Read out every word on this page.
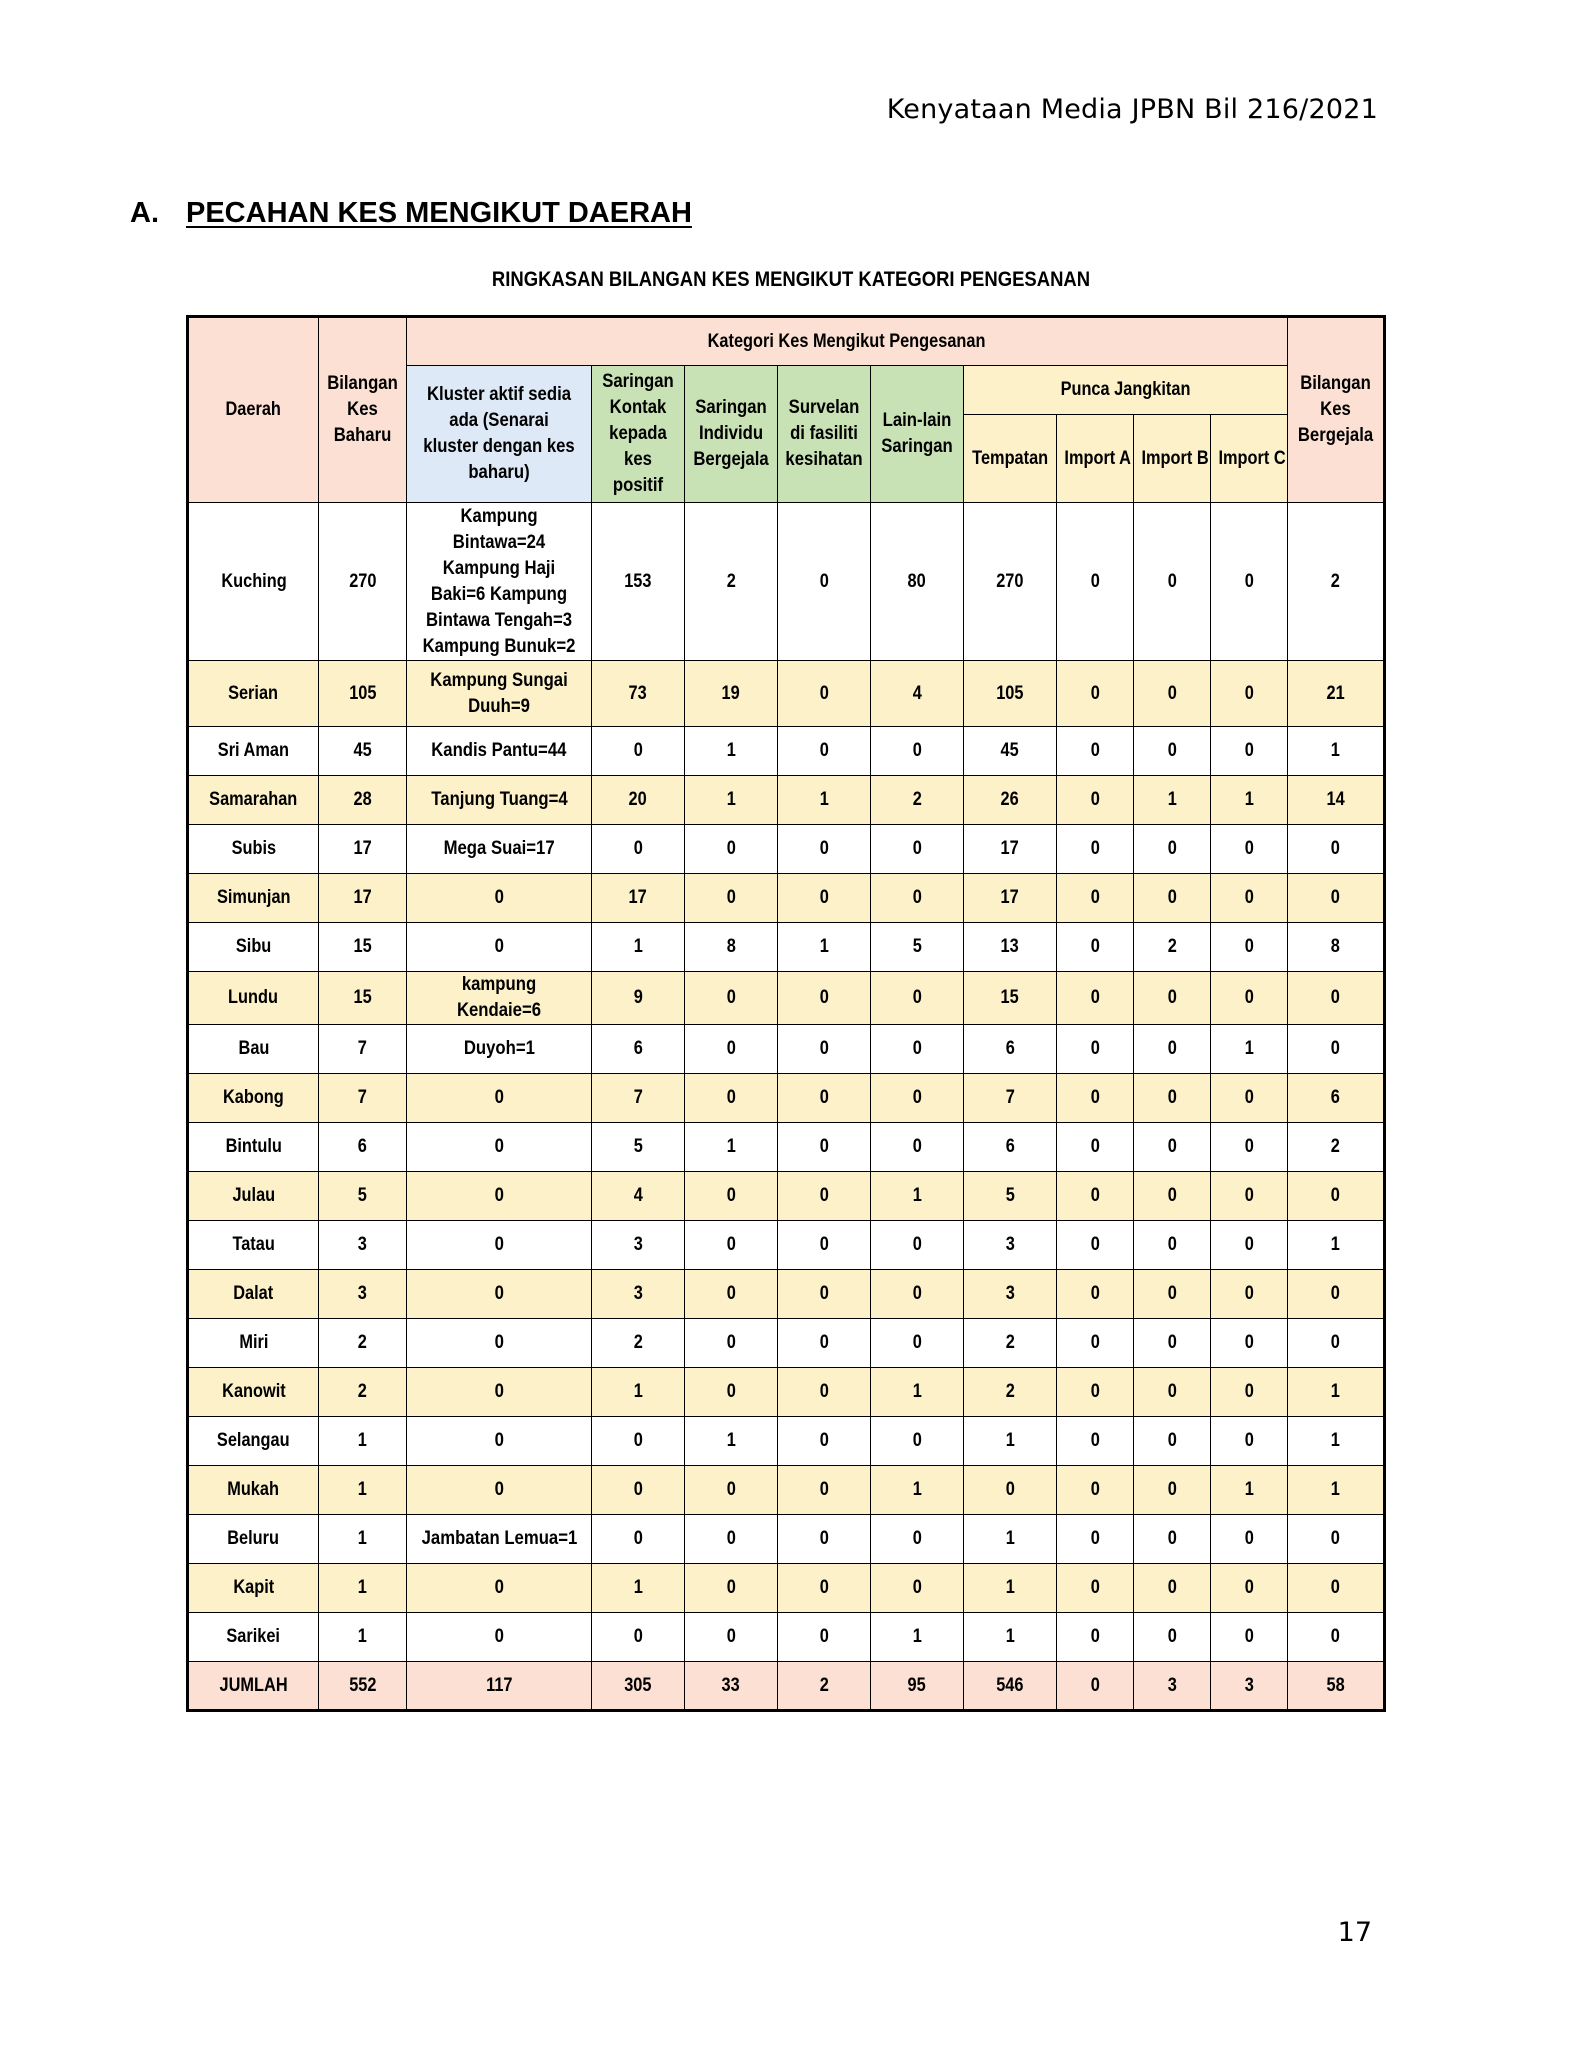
Kenyataan Media JPBN Bil 216/2021
A. PECAHAN KES MENGIKUT DAERAH
RINGKASAN BILANGAN KES MENGIKUT KATEGORI PENGESANAN
Daerah	Bilangan Kes Baharu	Kategori Kes Mengikut Pengesanan									Bilangan Kes Bergejala
		Kluster aktif sedia ada (Senarai kluster dengan kes baharu)	Saringan Kontak kepada kes positif	Saringan Individu Bergejala	Survelan di fasiliti kesihatan	Lain-lain Saringan	Punca Jangkitan				
							Tempatan	Import A	Import B	Import C	
Kuching	270	Kampung Bintawa=24 Kampung Haji Baki=6 Kampung Bintawa Tengah=3 Kampung Bunuk=2	153	2	0	80	270	0	0	0	2
Serian	105	Kampung Sungai Duuh=9	73	19	0	4	105	0	0	0	21
Sri Aman	45	Kandis Pantu=44	0	1	0	0	45	0	0	0	1
Samarahan	28	Tanjung Tuang=4	20	1	1	2	26	0	1	1	14
Subis	17	Mega Suai=17	0	0	0	0	17	0	0	0	0
Simunjan	17	0	17	0	0	0	17	0	0	0	0
Sibu	15	0	1	8	1	5	13	0	2	0	8
Lundu	15	kampung Kendaie=6	9	0	0	0	15	0	0	0	0
Bau	7	Duyoh=1	6	0	0	0	6	0	0	1	0
Kabong	7	0	7	0	0	0	7	0	0	0	6
Bintulu	6	0	5	1	0	0	6	0	0	0	2
Julau	5	0	4	0	0	1	5	0	0	0	0
Tatau	3	0	3	0	0	0	3	0	0	0	1
Dalat	3	0	3	0	0	0	3	0	0	0	0
Miri	2	0	2	0	0	0	2	0	0	0	0
Kanowit	2	0	1	0	0	1	2	0	0	0	1
Selangau	1	0	0	1	0	0	1	0	0	0	1
Mukah	1	0	0	0	0	1	0	0	0	1	1
Beluru	1	Jambatan Lemua=1	0	0	0	0	1	0	0	0	0
Kapit	1	0	1	0	0	0	1	0	0	0	0
Sarikei	1	0	0	0	0	1	1	0	0	0	0
JUMLAH	552	117	305	33	2	95	546	0	3	3	58
17
